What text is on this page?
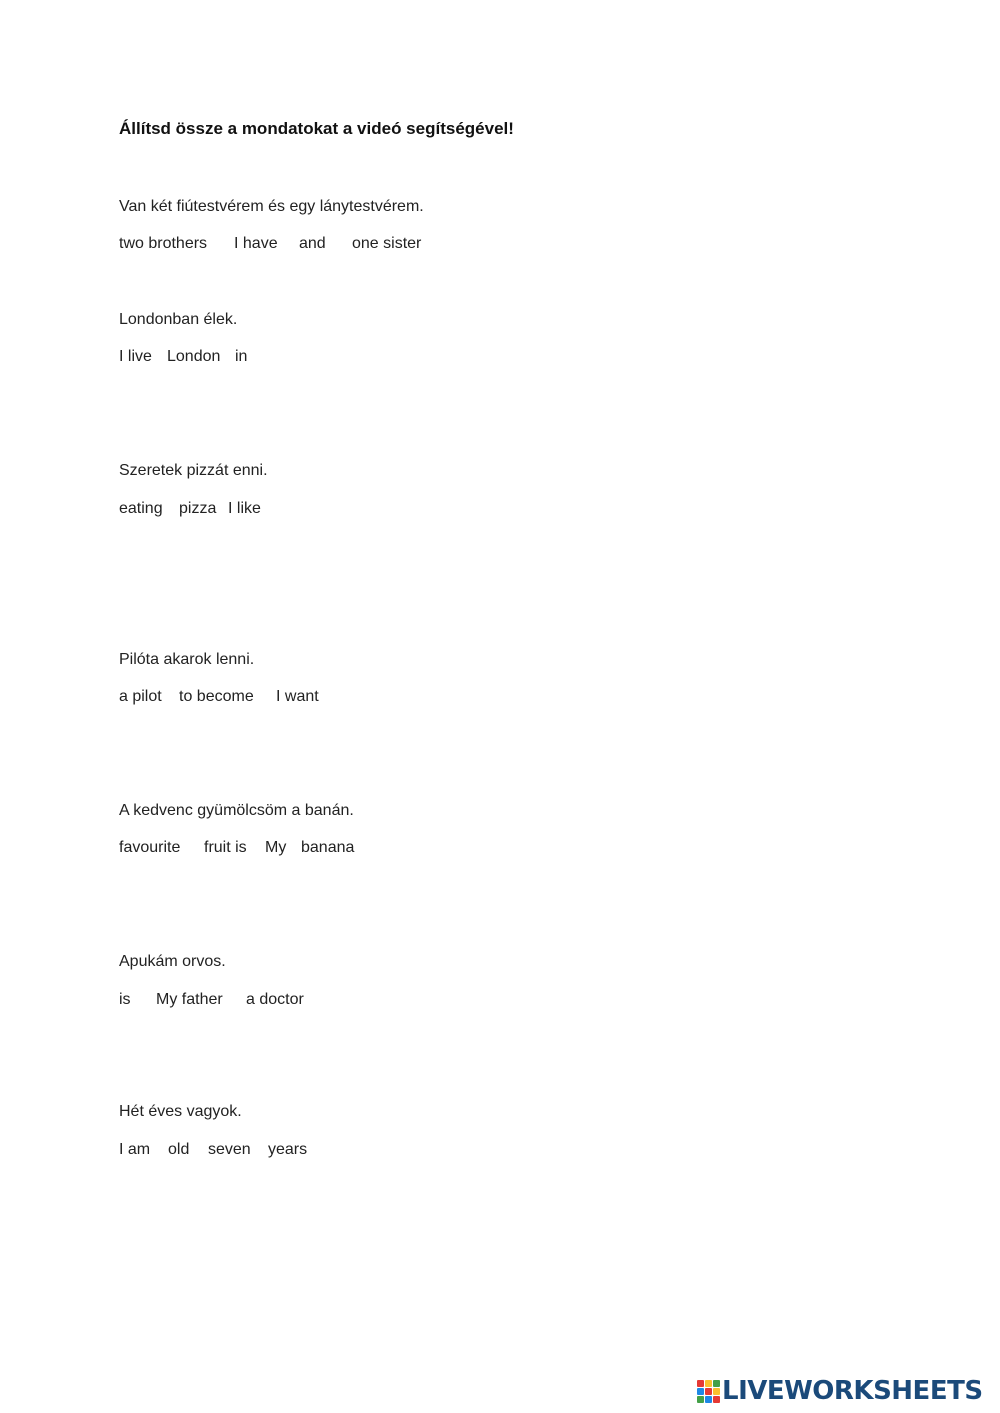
Állítsd össze a mondatokat a videó segítségével!
Van két fiútestvérem és egy lánytestvérem.
two brothers I have and one sister
Londonban élek.
I live London in
Szeretek pizzát enni.
eating pizza I like
Pilóta akarok lenni.
a pilot to become I want
A kedvenc gyümölcsöm a banán.
favourite fruit is My banana
Apukám orvos.
is My father a doctor
Hét éves vagyok.
I am old seven years
LIVEWORKSHEETS
